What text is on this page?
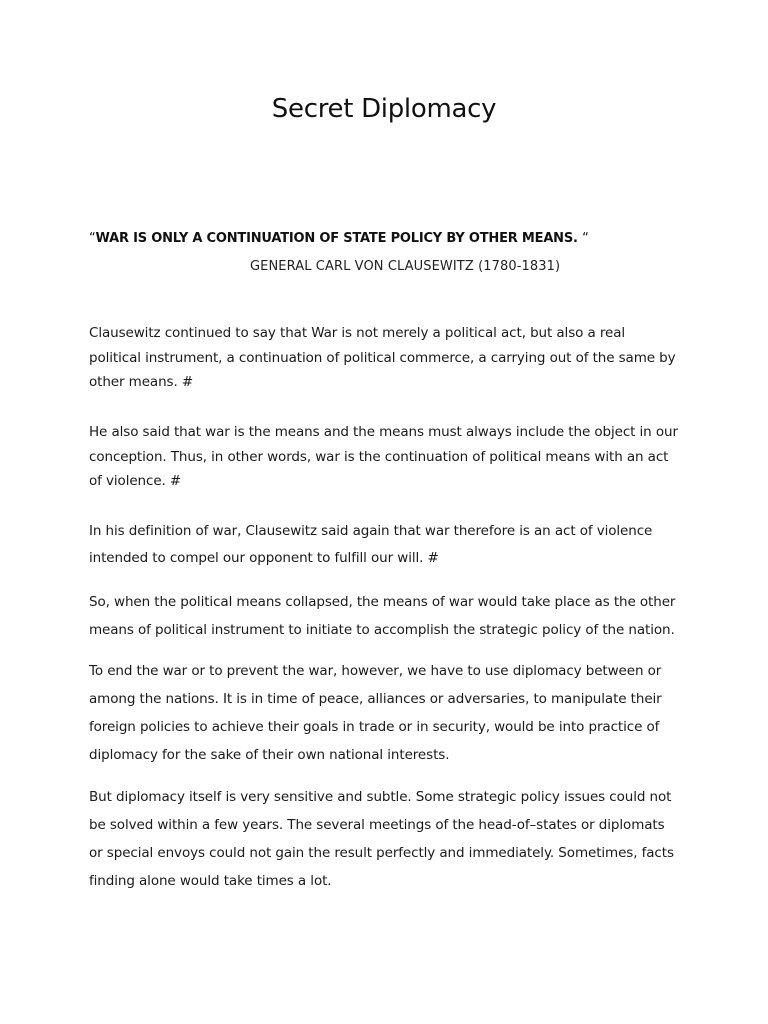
Secret Diplomacy
“WAR IS ONLY A CONTINUATION OF STATE POLICY BY OTHER MEANS. “
GENERAL CARL VON CLAUSEWITZ (1780-1831)
Clausewitz continued to say that War is not merely a political act, but also a real
political instrument, a continuation of political commerce, a carrying out of the same by
other means. #
He also said that war is the means and the means must always include the object in our
conception. Thus, in other words, war is the continuation of political means with an act
of violence. #
In his definition of war, Clausewitz said again that war therefore is an act of violence
intended to compel our opponent to fulfill our will. #
So, when the political means collapsed, the means of war would take place as the other
means of political instrument to initiate to accomplish the strategic policy of the nation.
To end the war or to prevent the war, however, we have to use diplomacy between or
among the nations. It is in time of peace, alliances or adversaries, to manipulate their
foreign policies to achieve their goals in trade or in security, would be into practice of
diplomacy for the sake of their own national interests.
But diplomacy itself is very sensitive and subtle. Some strategic policy issues could not
be solved within a few years. The several meetings of the head-of–states or diplomats
or special envoys could not gain the result perfectly and immediately. Sometimes, facts
finding alone would take times a lot.
